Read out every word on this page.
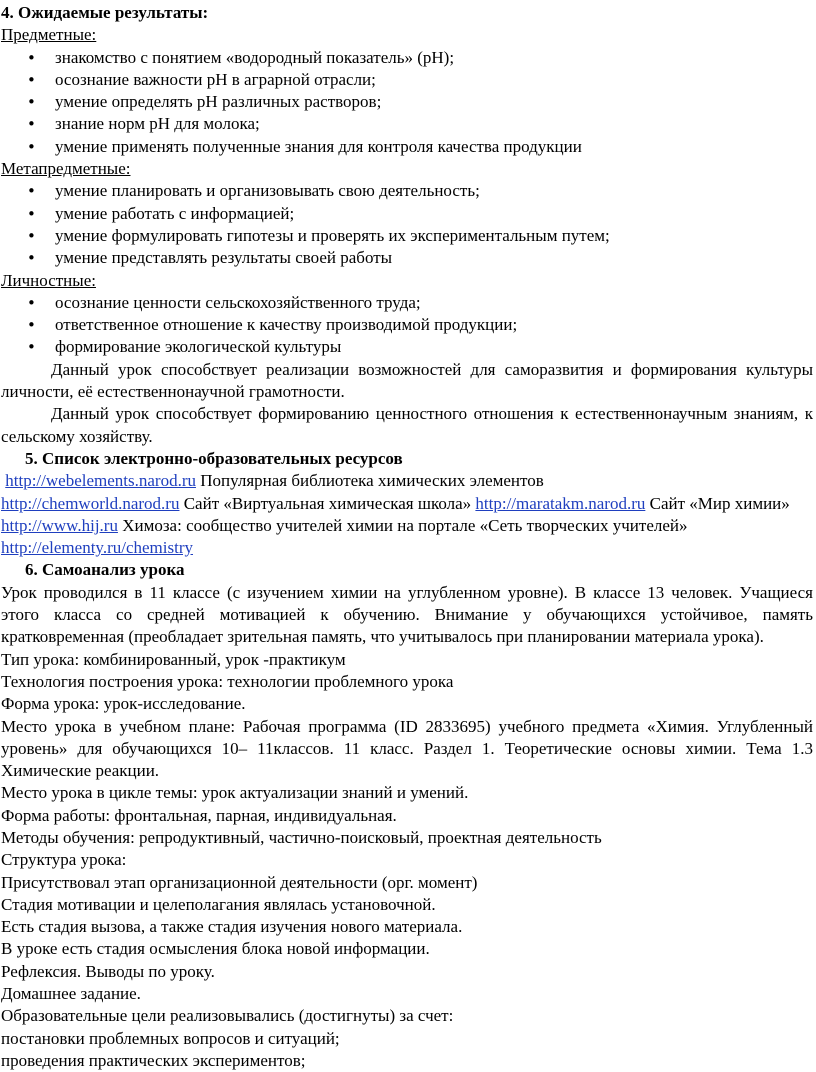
4. Ожидаемые результаты:
Предметные:
• знакомство с понятием «водородный показатель» (pH);
• осознание важности pH в аграрной отрасли;
• умение определять pH различных растворов;
• знание норм pH для молока;
• умение применять полученные знания для контроля качества продукции
Метапредметные:
• умение планировать и организовывать свою деятельность;
• умение работать с информацией;
• умение формулировать гипотезы и проверять их экспериментальным путем;
• умение представлять результаты своей работы
Личностные:
• осознание ценности сельскохозяйственного труда;
• ответственное отношение к качеству производимой продукции;
• формирование экологической культуры
Данный урок способствует реализации возможностей для саморазвития и формирования культуры личности, её естественнонаучной грамотности.
Данный урок способствует формированию ценностного отношения к естественнонаучным знаниям, к сельскому хозяйству.
5. Список электронно-образовательных ресурсов
http://webelements.narod.ru Популярная библиотека химических элементов
http://chemworld.narod.ru Сайт «Виртуальная химическая школа» http://maratakm.narod.ru Сайт «Мир химии»
http://www.hij.ru Химоза: сообщество учителей химии на портале «Сеть творческих учителей»
http://elementy.ru/chemistry
6. Самоанализ урока
Урок проводился в 11 классе (с изучением химии на углубленном уровне). В классе 13 человек. Учащиеся этого класса со средней мотивацией к обучению. Внимание у обучающихся устойчивое, память кратковременная (преобладает зрительная память, что учитывалось при планировании материала урока).
Тип урока: комбинированный, урок -практикум
Технология построения урока: технологии проблемного урока
Форма урока: урок-исследование.
Место урока в учебном плане: Рабочая программа (ID 2833695) учебного предмета «Химия. Углубленный уровень» для обучающихся 10– 11классов. 11 класс. Раздел 1. Теоретические основы химии. Тема 1.3 Химические реакции.
Место урока в цикле темы: урок актуализации знаний и умений.
Форма работы: фронтальная, парная, индивидуальная.
Методы обучения: репродуктивный, частично-поисковый, проектная деятельность
Структура урока:
Присутствовал этап организационной деятельности (орг. момент)
Стадия мотивации и целеполагания являлась установочной.
Есть стадия вызова, а также стадия изучения нового материала.
В уроке есть стадия осмысления блока новой информации.
Рефлексия. Выводы по уроку.
Домашнее задание.
Образовательные цели реализовывались (достигнуты) за счет:
постановки проблемных вопросов и ситуаций;
проведения практических экспериментов;
